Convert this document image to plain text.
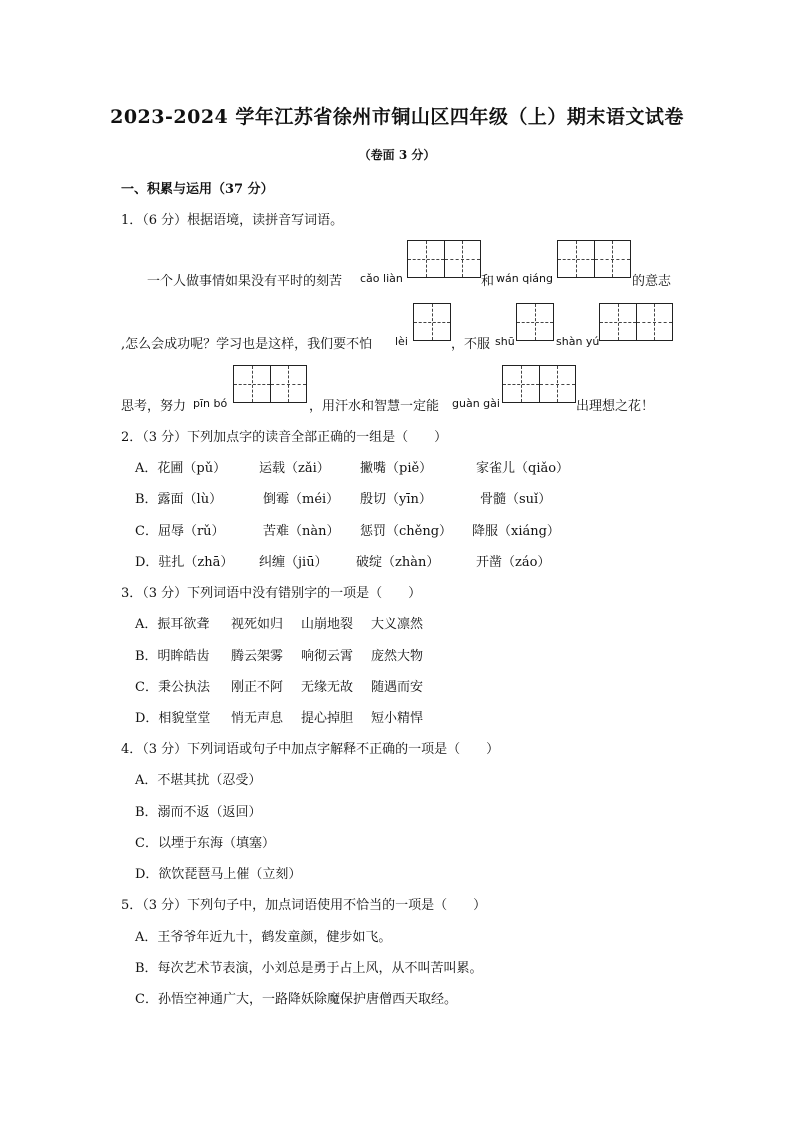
2023-2024 学年江苏省徐州市铜山区四年级（上）期末语文试卷
（卷面 3 分）
一、积累与运用（37 分）
1．（6 分）根据语境，读拼音写词语。
一个人做事情如果没有平时的刻苦 cǎo liàn	和 wán qiáng	的意志
,怎么会成功呢？学习也是这样，我们要不怕 lèi	，不服 shū	shàn yú
思考，努力 pīn bó	，用汗水和智慧一定能 guàn gài	出理想之花！
2．（3 分）下列加点字的读音全部正确的一组是（　　）
A．花圃（pǔ）	运载（zǎi） 撇嘴（piě）	家雀儿（qiǎo）
B．露面（lù）	倒霉（méi） 殷切（yīn）	骨髓（suǐ）
C．屈辱（rǔ）	苦难（nàn） 惩罚（chěng） 降服（xiáng）
D．驻扎（zhā） 纠缠（jiū） 破绽（zhàn）	开凿（záo）
3．（3 分）下列词语中没有错别字的一项是（　　）
A．振耳欲聋 视死如归 山崩地裂 大义凛然
B．明眸皓齿 腾云架雾 响彻云霄 庞然大物
C．秉公执法 刚正不阿 无缘无故 随遇而安
D．相貌堂堂 悄无声息 提心掉胆 短小精悍
4．（3 分）下列词语或句子中加点字解释不正确的一项是（　　）
A．不堪其扰（忍受）
B．溺而不返（返回）
C．以堙于东海（填塞）
D．欲饮琵琶马上催（立刻）
5．（3 分）下列句子中，加点词语使用不恰当的一项是（　　）
A．王爷爷年近九十，鹤发童颜，健步如飞。
B．每次艺术节表演，小刘总是勇于占上风，从不叫苦叫累。
C．孙悟空神通广大，一路降妖除魔保护唐僧西天取经。
